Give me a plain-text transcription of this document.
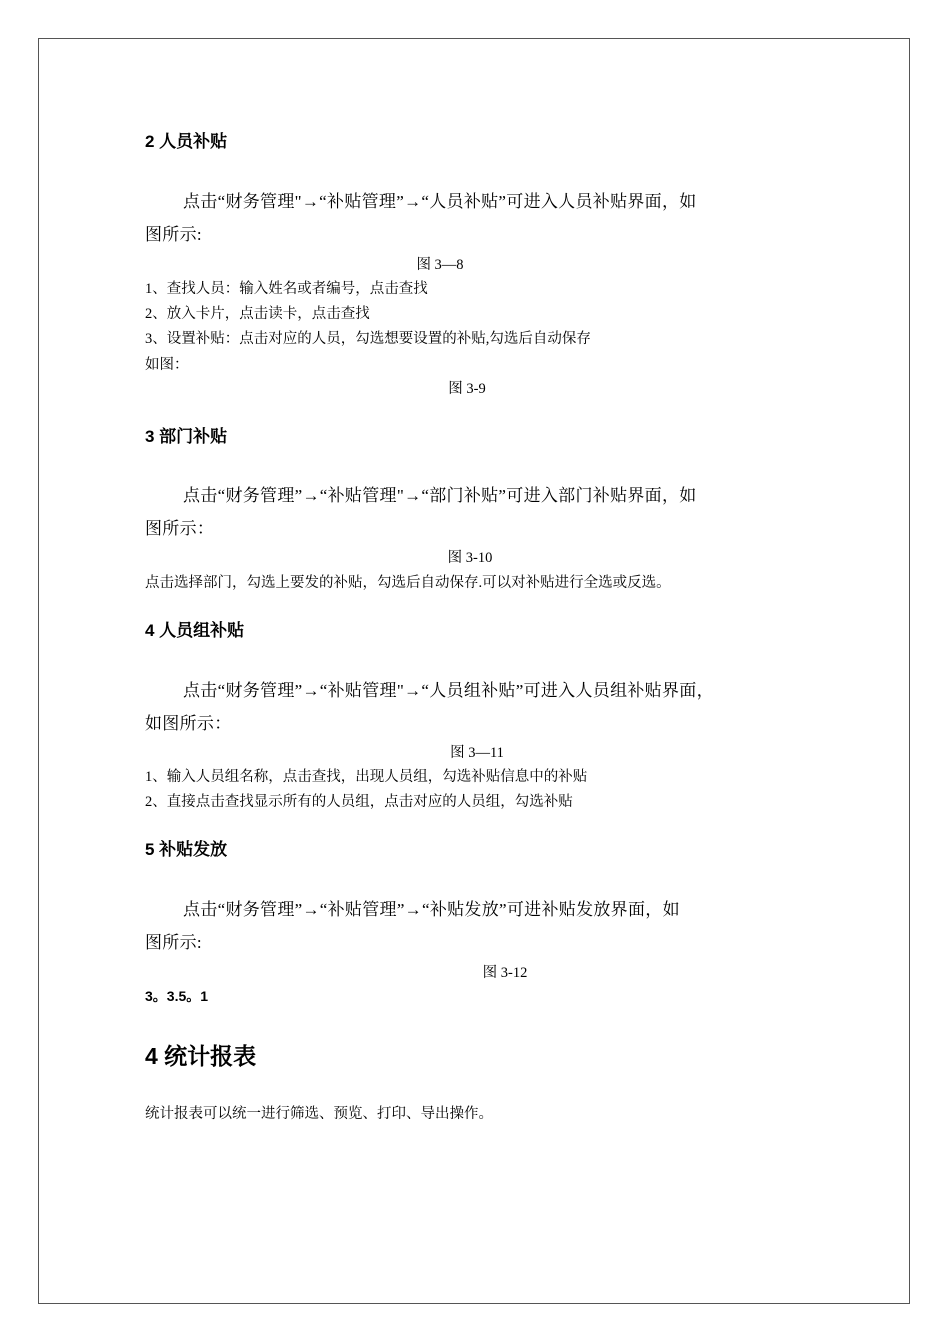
2 人员补贴
点击“财务管理"→“补贴管理”→“人员补贴”可进入人员补贴界面，如
图所示:
图 3—8
1、查找人员：输入姓名或者编号，点击查找
2、放入卡片，点击读卡，点击查找
3、设置补贴：点击对应的人员，勾选想要设置的补贴,勾选后自动保存
如图：
图 3-9
3 部门补贴
点击“财务管理”→“补贴管理"→“部门补贴”可进入部门补贴界面，如
图所示：
图 3-10
点击选择部门，勾选上要发的补贴，勾选后自动保存.可以对补贴进行全选或反选。
4 人员组补贴
点击“财务管理”→“补贴管理"→“人员组补贴”可进入人员组补贴界面，
如图所示：
图 3—11
1、输入人员组名称，点击查找，出现人员组，勾选补贴信息中的补贴
2、直接点击查找显示所有的人员组，点击对应的人员组，勾选补贴
5 补贴发放
点击“财务管理”→“补贴管理”→“补贴发放”可进补贴发放界面，如
图所示:
图 3-12
3。3.5。1
4 统计报表
统计报表可以统一进行筛选、预览、打印、导出操作。
